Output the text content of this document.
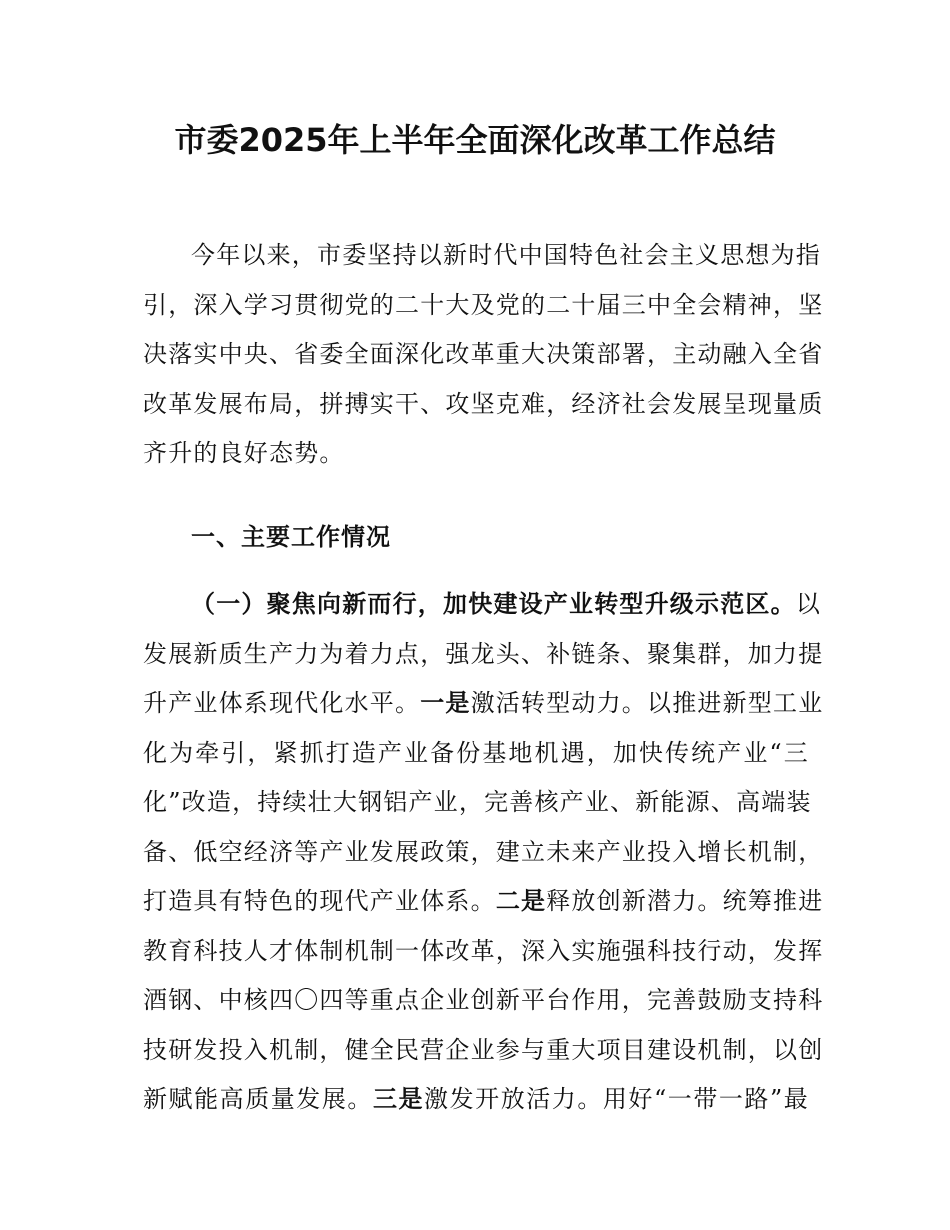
市委2025年上半年全面深化改革工作总结
今年以来，市委坚持以新时代中国特色社会主义思想为指
引，深入学习贯彻党的二十大及党的二十届三中全会精神，坚
决落实中央、省委全面深化改革重大决策部署，主动融入全省
改革发展布局，拼搏实干、攻坚克难，经济社会发展呈现量质
齐升的良好态势。
一、主要工作情况
（一）聚焦向新而行，加快建设产业转型升级示范区。以
发展新质生产力为着力点，强龙头、补链条、聚集群，加力提
升产业体系现代化水平。一是激活转型动力。以推进新型工业
化为牵引，紧抓打造产业备份基地机遇，加快传统产业“三
化”改造，持续壮大钢铝产业，完善核产业、新能源、高端装
备、低空经济等产业发展政策，建立未来产业投入增长机制，
打造具有特色的现代产业体系。二是释放创新潜力。统筹推进
教育科技人才体制机制一体改革，深入实施强科技行动，发挥
酒钢、中核四〇四等重点企业创新平台作用，完善鼓励支持科
技研发投入机制，健全民营企业参与重大项目建设机制，以创
新赋能高质量发展。三是激发开放活力。用好“一带一路”最
